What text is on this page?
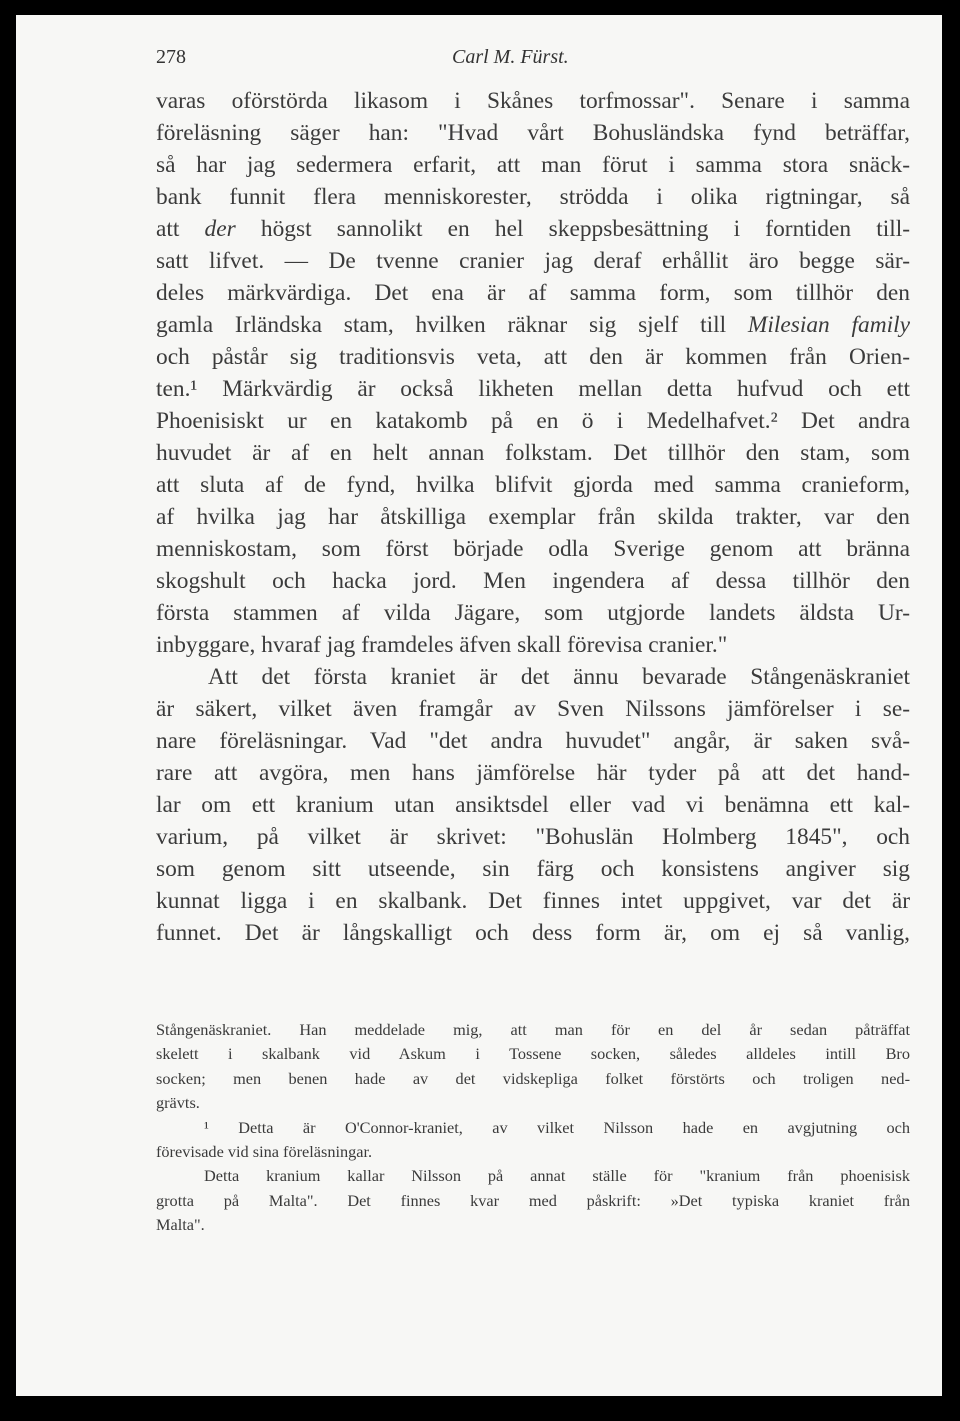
278	Carl M. Fürst.
varas oförstörda likasom i Skånes torfmossar". Senare i samma
föreläsning säger han: "Hvad vårt Bohusländska fynd beträffar,
så har jag sedermera erfarit, att man förut i samma stora snäck-
bank funnit flera menniskorester, strödda i olika rigtningar, så
att der högst sannolikt en hel skeppsbesättning i forntiden till-
satt lifvet. — De tvenne cranier jag deraf erhållit äro begge sär-
deles märkvärdiga. Det ena är af samma form, som tillhör den
gamla Irländska stam, hvilken räknar sig sjelf till Milesian family
och påstår sig traditionsvis veta, att den är kommen från Orien-
ten.¹ Märkvärdig är också likheten mellan detta hufvud och ett
Phoenisiskt ur en katakomb på en ö i Medelhafvet.² Det andra
huvudet är af en helt annan folkstam. Det tillhör den stam, som
att sluta af de fynd, hvilka blifvit gjorda med samma cranieform,
af hvilka jag har åtskilliga exemplar från skilda trakter, var den
menniskostam, som först började odla Sverige genom att bränna
skogshult och hacka jord. Men ingendera af dessa tillhör den
första stammen af vilda Jägare, som utgjorde landets äldsta Ur-
inbyggare, hvaraf jag framdeles äfven skall förevisa cranier."
Att det första kraniet är det ännu bevarade Stångenäskraniet
är säkert, vilket även framgår av Sven Nilssons jämförelser i se-
nare föreläsningar. Vad "det andra huvudet" angår, är saken svå-
rare att avgöra, men hans jämförelse här tyder på att det hand-
lar om ett kranium utan ansiktsdel eller vad vi benämna ett kal-
varium, på vilket är skrivet: "Bohuslän Holmberg 1845", och
som genom sitt utseende, sin färg och konsistens angiver sig
kunnat ligga i en skalbank. Det finnes intet uppgivet, var det är
funnet. Det är långskalligt och dess form är, om ej så vanlig,
Stångenäskraniet. Han meddelade mig, att man för en del år sedan påträffat
skelett i skalbank vid Askum i Tossene socken, således alldeles intill Bro
socken; men benen hade av det vidskepliga folket förstörts och troligen ned-
grävts.
¹ Detta är O'Connor-kraniet, av vilket Nilsson hade en avgjutning och
förevisade vid sina föreläsningar.
Detta kranium kallar Nilsson på annat ställe för "kranium från phoenisisk
grotta på Malta". Det finnes kvar med påskrift: »Det typiska kraniet från
Malta".
